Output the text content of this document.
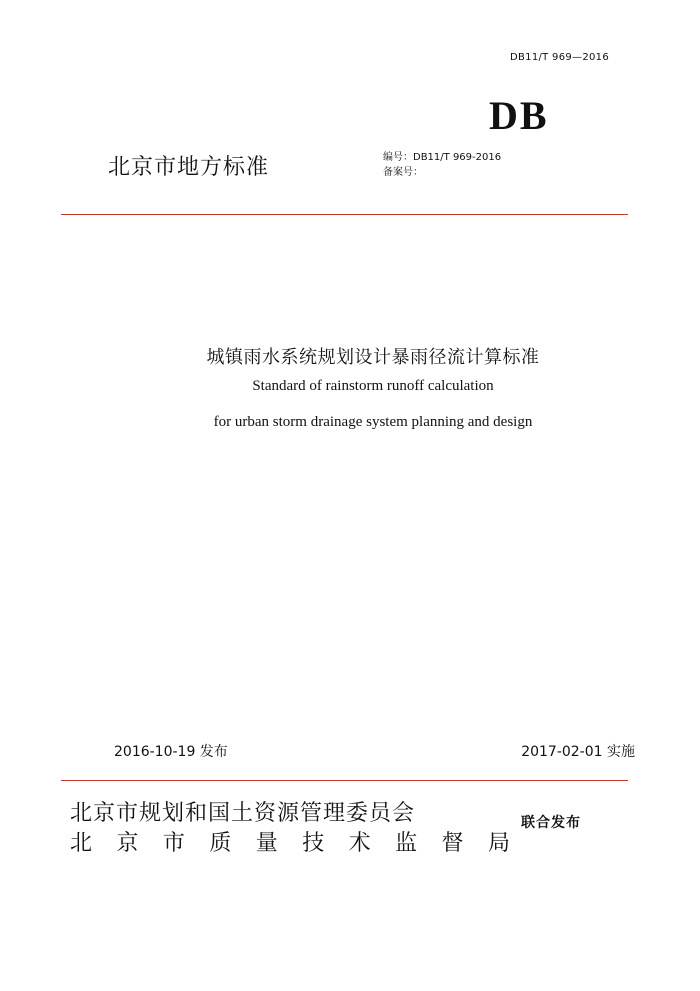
DB11/T 969—2016
DB
北京市地方标准	编号：DB11/T 969-2016
备案号：
城镇雨水系统规划设计暴雨径流计算标准
Standard of rainstorm runoff calculation
for urban storm drainage system planning and design
2016-10-19 发布	2017-02-01 实施
北京市规划和国土资源管理委员会
北 京 市 质 量 技 术 监 督 局
联合发布
